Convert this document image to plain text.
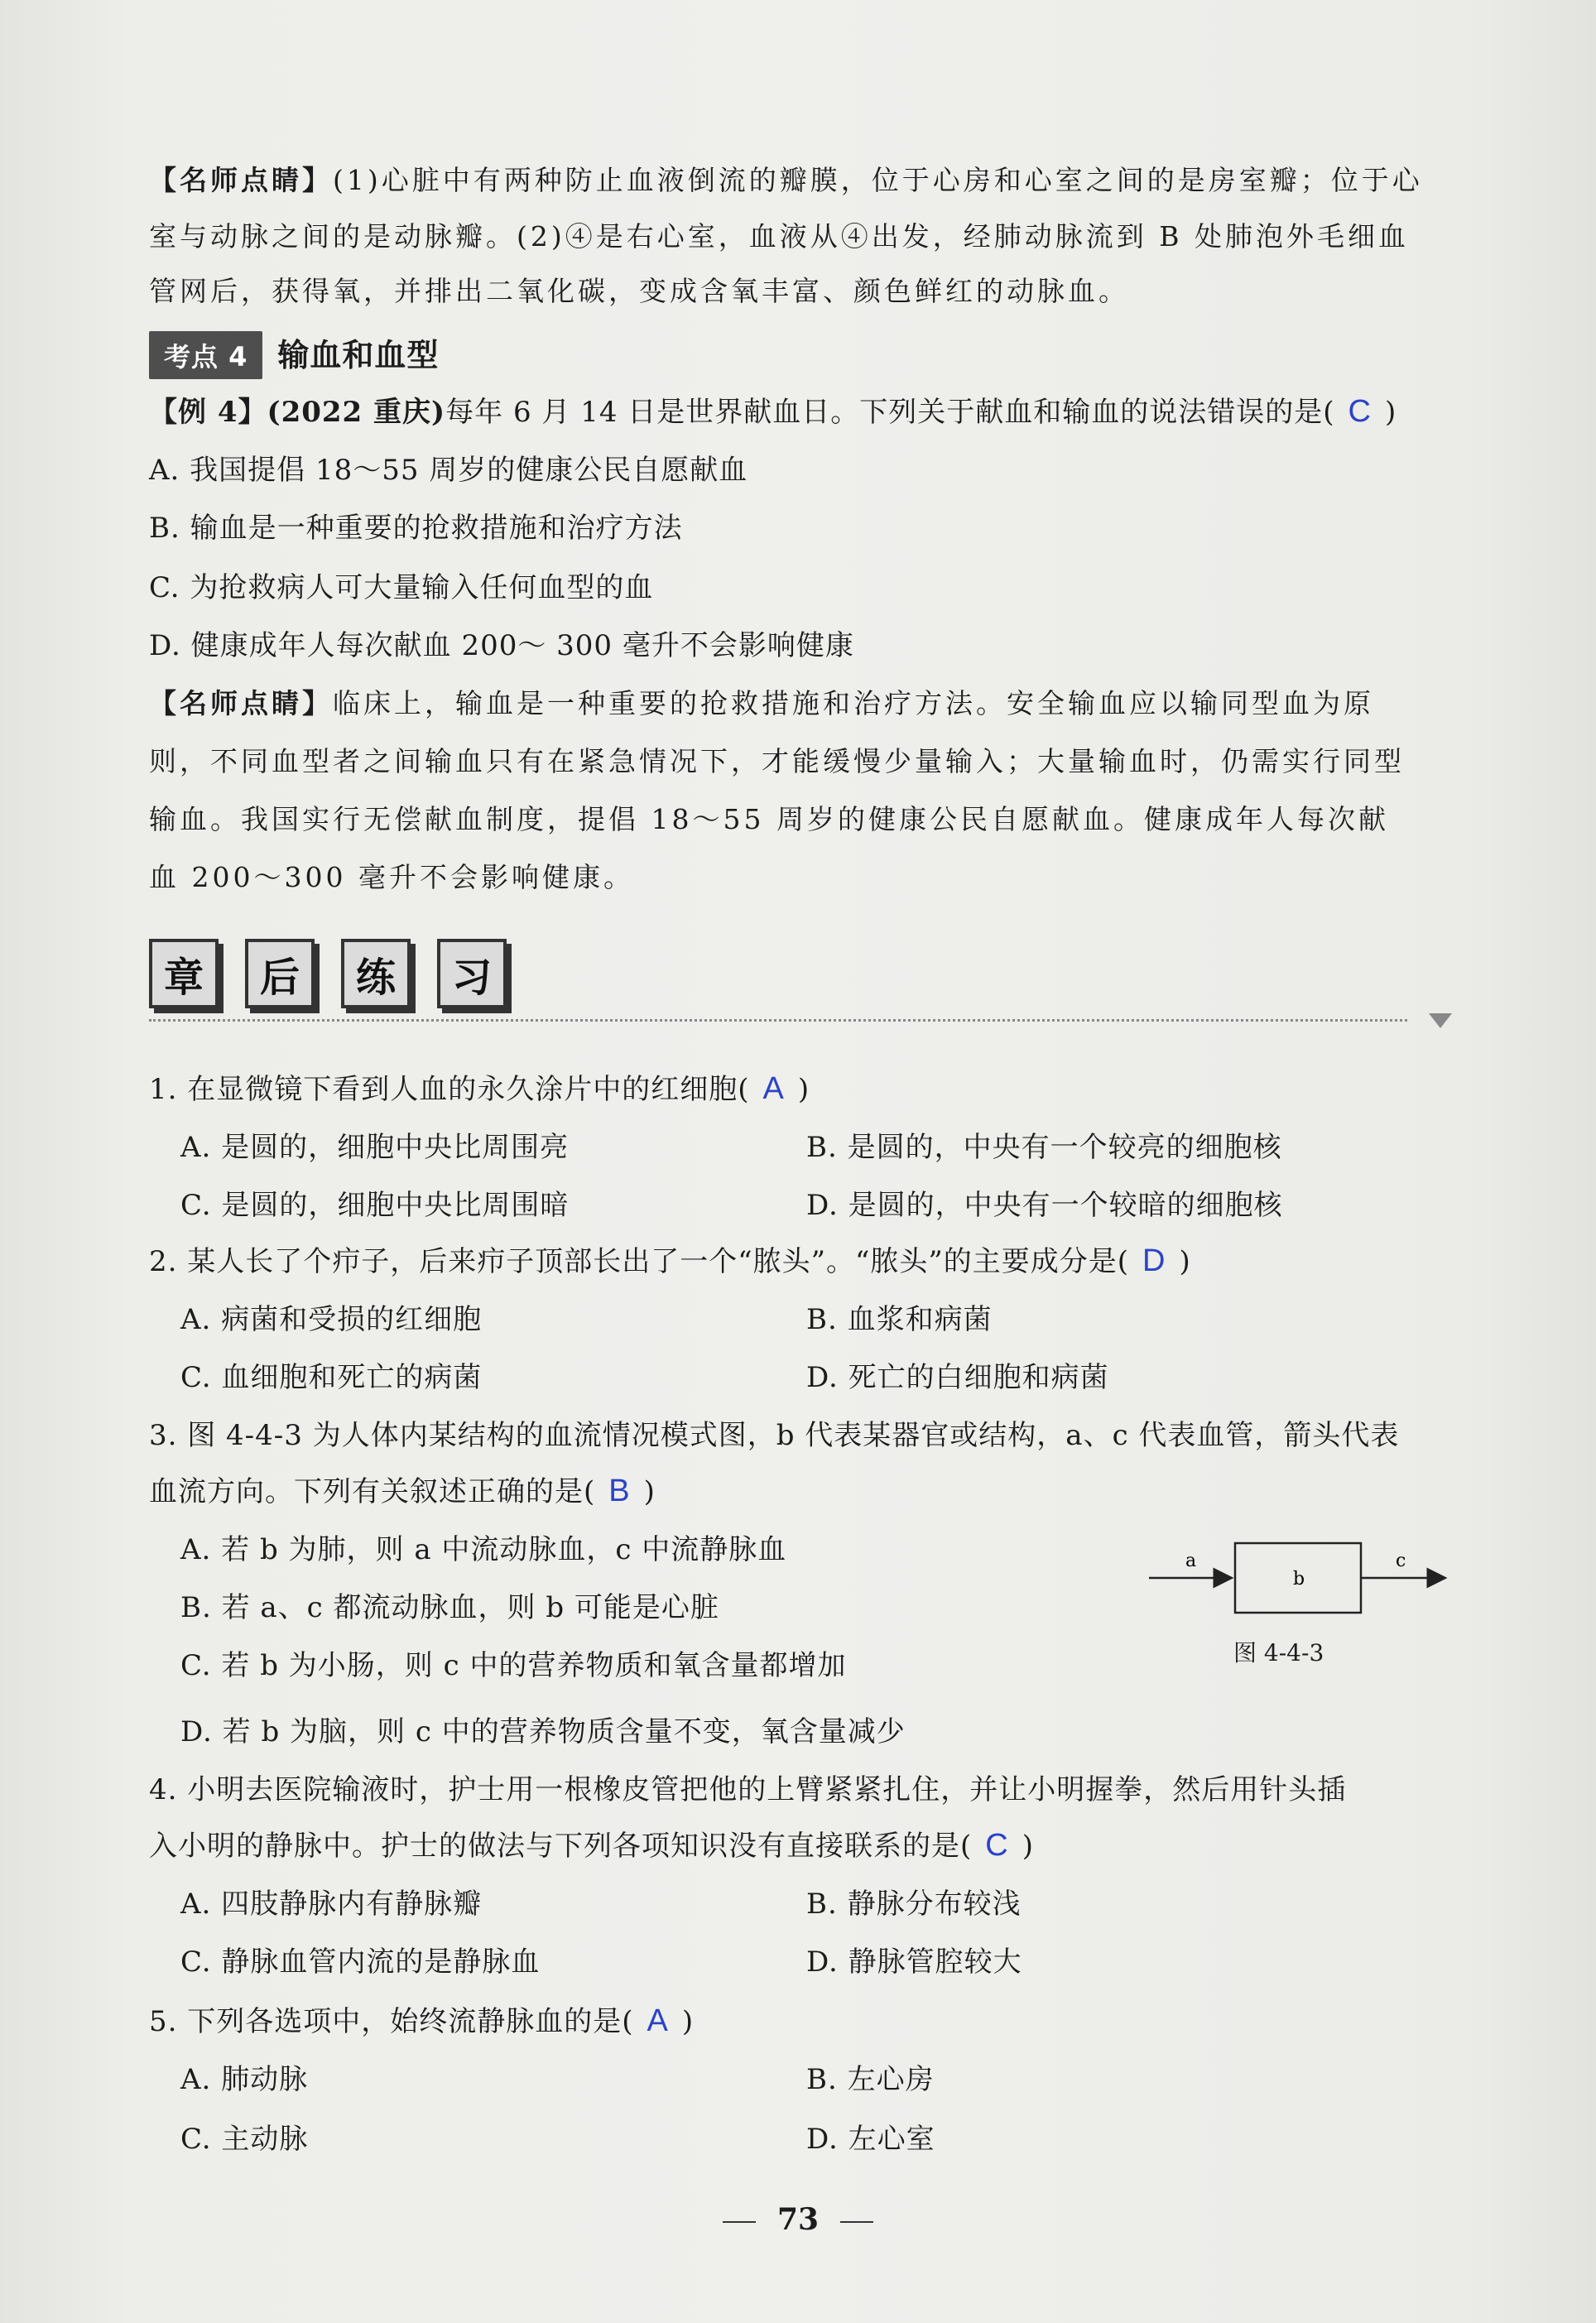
【名师点睛】(1)心脏中有两种防止血液倒流的瓣膜，位于心房和心室之间的是房室瓣；位于心
室与动脉之间的是动脉瓣。(2)④是右心室，血液从④出发，经肺动脉流到 B 处肺泡外毛细血
管网后，获得氧，并排出二氧化碳，变成含氧丰富、颜色鲜红的动脉血。
考点 4 输血和血型
【例 4】(2022 重庆)每年 6 月 14 日是世界献血日。下列关于献血和输血的说法错误的是( C )
A. 我国提倡 18～55 周岁的健康公民自愿献血
B. 输血是一种重要的抢救措施和治疗方法
C. 为抢救病人可大量输入任何血型的血
D. 健康成年人每次献血 200～ 300 毫升不会影响健康
【名师点睛】临床上，输血是一种重要的抢救措施和治疗方法。安全输血应以输同型血为原
则，不同血型者之间输血只有在紧急情况下，才能缓慢少量输入；大量输血时，仍需实行同型
输血。我国实行无偿献血制度，提倡 18～55 周岁的健康公民自愿献血。健康成年人每次献
血 200～300 毫升不会影响健康。
章	后	练	习
1. 在显微镜下看到人血的永久涂片中的红细胞( A )
A. 是圆的，细胞中央比周围亮	B. 是圆的，中央有一个较亮的细胞核
C. 是圆的，细胞中央比周围暗	D. 是圆的，中央有一个较暗的细胞核
2. 某人长了个疖子，后来疖子顶部长出了一个“脓头”。“脓头”的主要成分是( D )
A. 病菌和受损的红细胞	B. 血浆和病菌
C. 血细胞和死亡的病菌	D. 死亡的白细胞和病菌
3. 图 4-4-3 为人体内某结构的血流情况模式图，b 代表某器官或结构，a、c 代表血管，箭头代表
血流方向。下列有关叙述正确的是( B )
A. 若 b 为肺，则 a 中流动脉血，c 中流静脉血
B. 若 a、c 都流动脉血，则 b 可能是心脏
C. 若 b 为小肠，则 c 中的营养物质和氧含量都增加
D. 若 b 为脑，则 c 中的营养物质含量不变，氧含量减少
a
b
c
图 4-4-3
4. 小明去医院输液时，护士用一根橡皮管把他的上臂紧紧扎住，并让小明握拳，然后用针头插
入小明的静脉中。护士的做法与下列各项知识没有直接联系的是( C )
A. 四肢静脉内有静脉瓣	B. 静脉分布较浅
C. 静脉血管内流的是静脉血	D. 静脉管腔较大
5. 下列各选项中，始终流静脉血的是( A )
A. 肺动脉	B. 左心房
C. 主动脉	D. 左心室
73
